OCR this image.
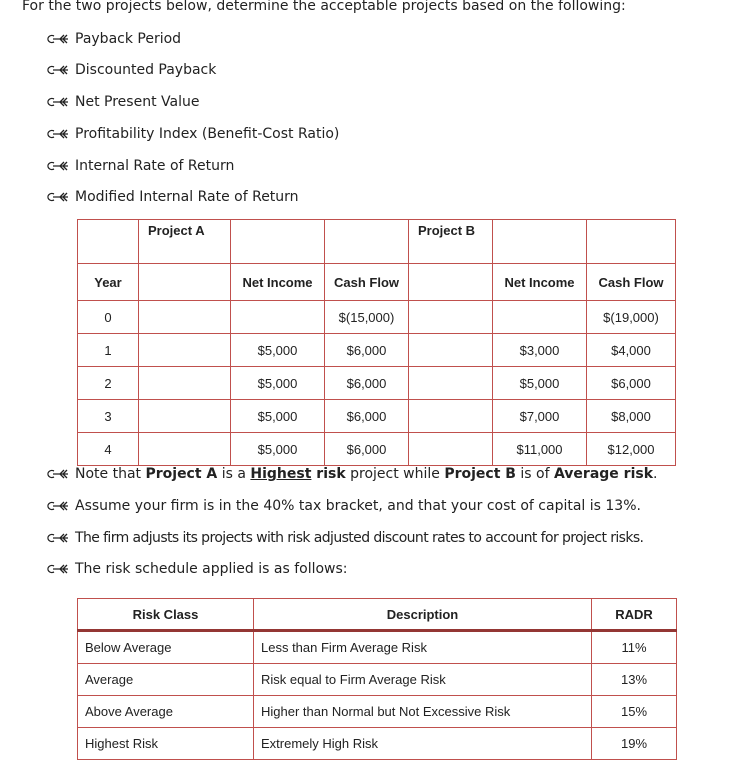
For the two projects below, determine the acceptable projects based on the following:
Payback Period
Discounted Payback
Net Present Value
Profitability Index (Benefit-Cost Ratio)
Internal Rate of Return
Modified Internal Rate of Return
	Project A			Project B		
Year		Net Income	Cash Flow		Net Income	Cash Flow
0			$(15,000)			$(19,000)
1		$5,000	$6,000		$3,000	$4,000
2		$5,000	$6,000		$5,000	$6,000
3		$5,000	$6,000		$7,000	$8,000
4		$5,000	$6,000		$11,000	$12,000
Note that Project A is a Highest risk project while Project B is of Average risk.
Assume your firm is in the 40% tax bracket, and that your cost of capital is 13%.
The firm adjusts its projects with risk adjusted discount rates to account for project risks.
The risk schedule applied is as follows:
Risk Class	Description	RADR
Below Average	Less than Firm Average Risk	11%
Average	Risk equal to Firm Average Risk	13%
Above Average	Higher than Normal but Not Excessive Risk	15%
Highest Risk	Extremely High Risk	19%
